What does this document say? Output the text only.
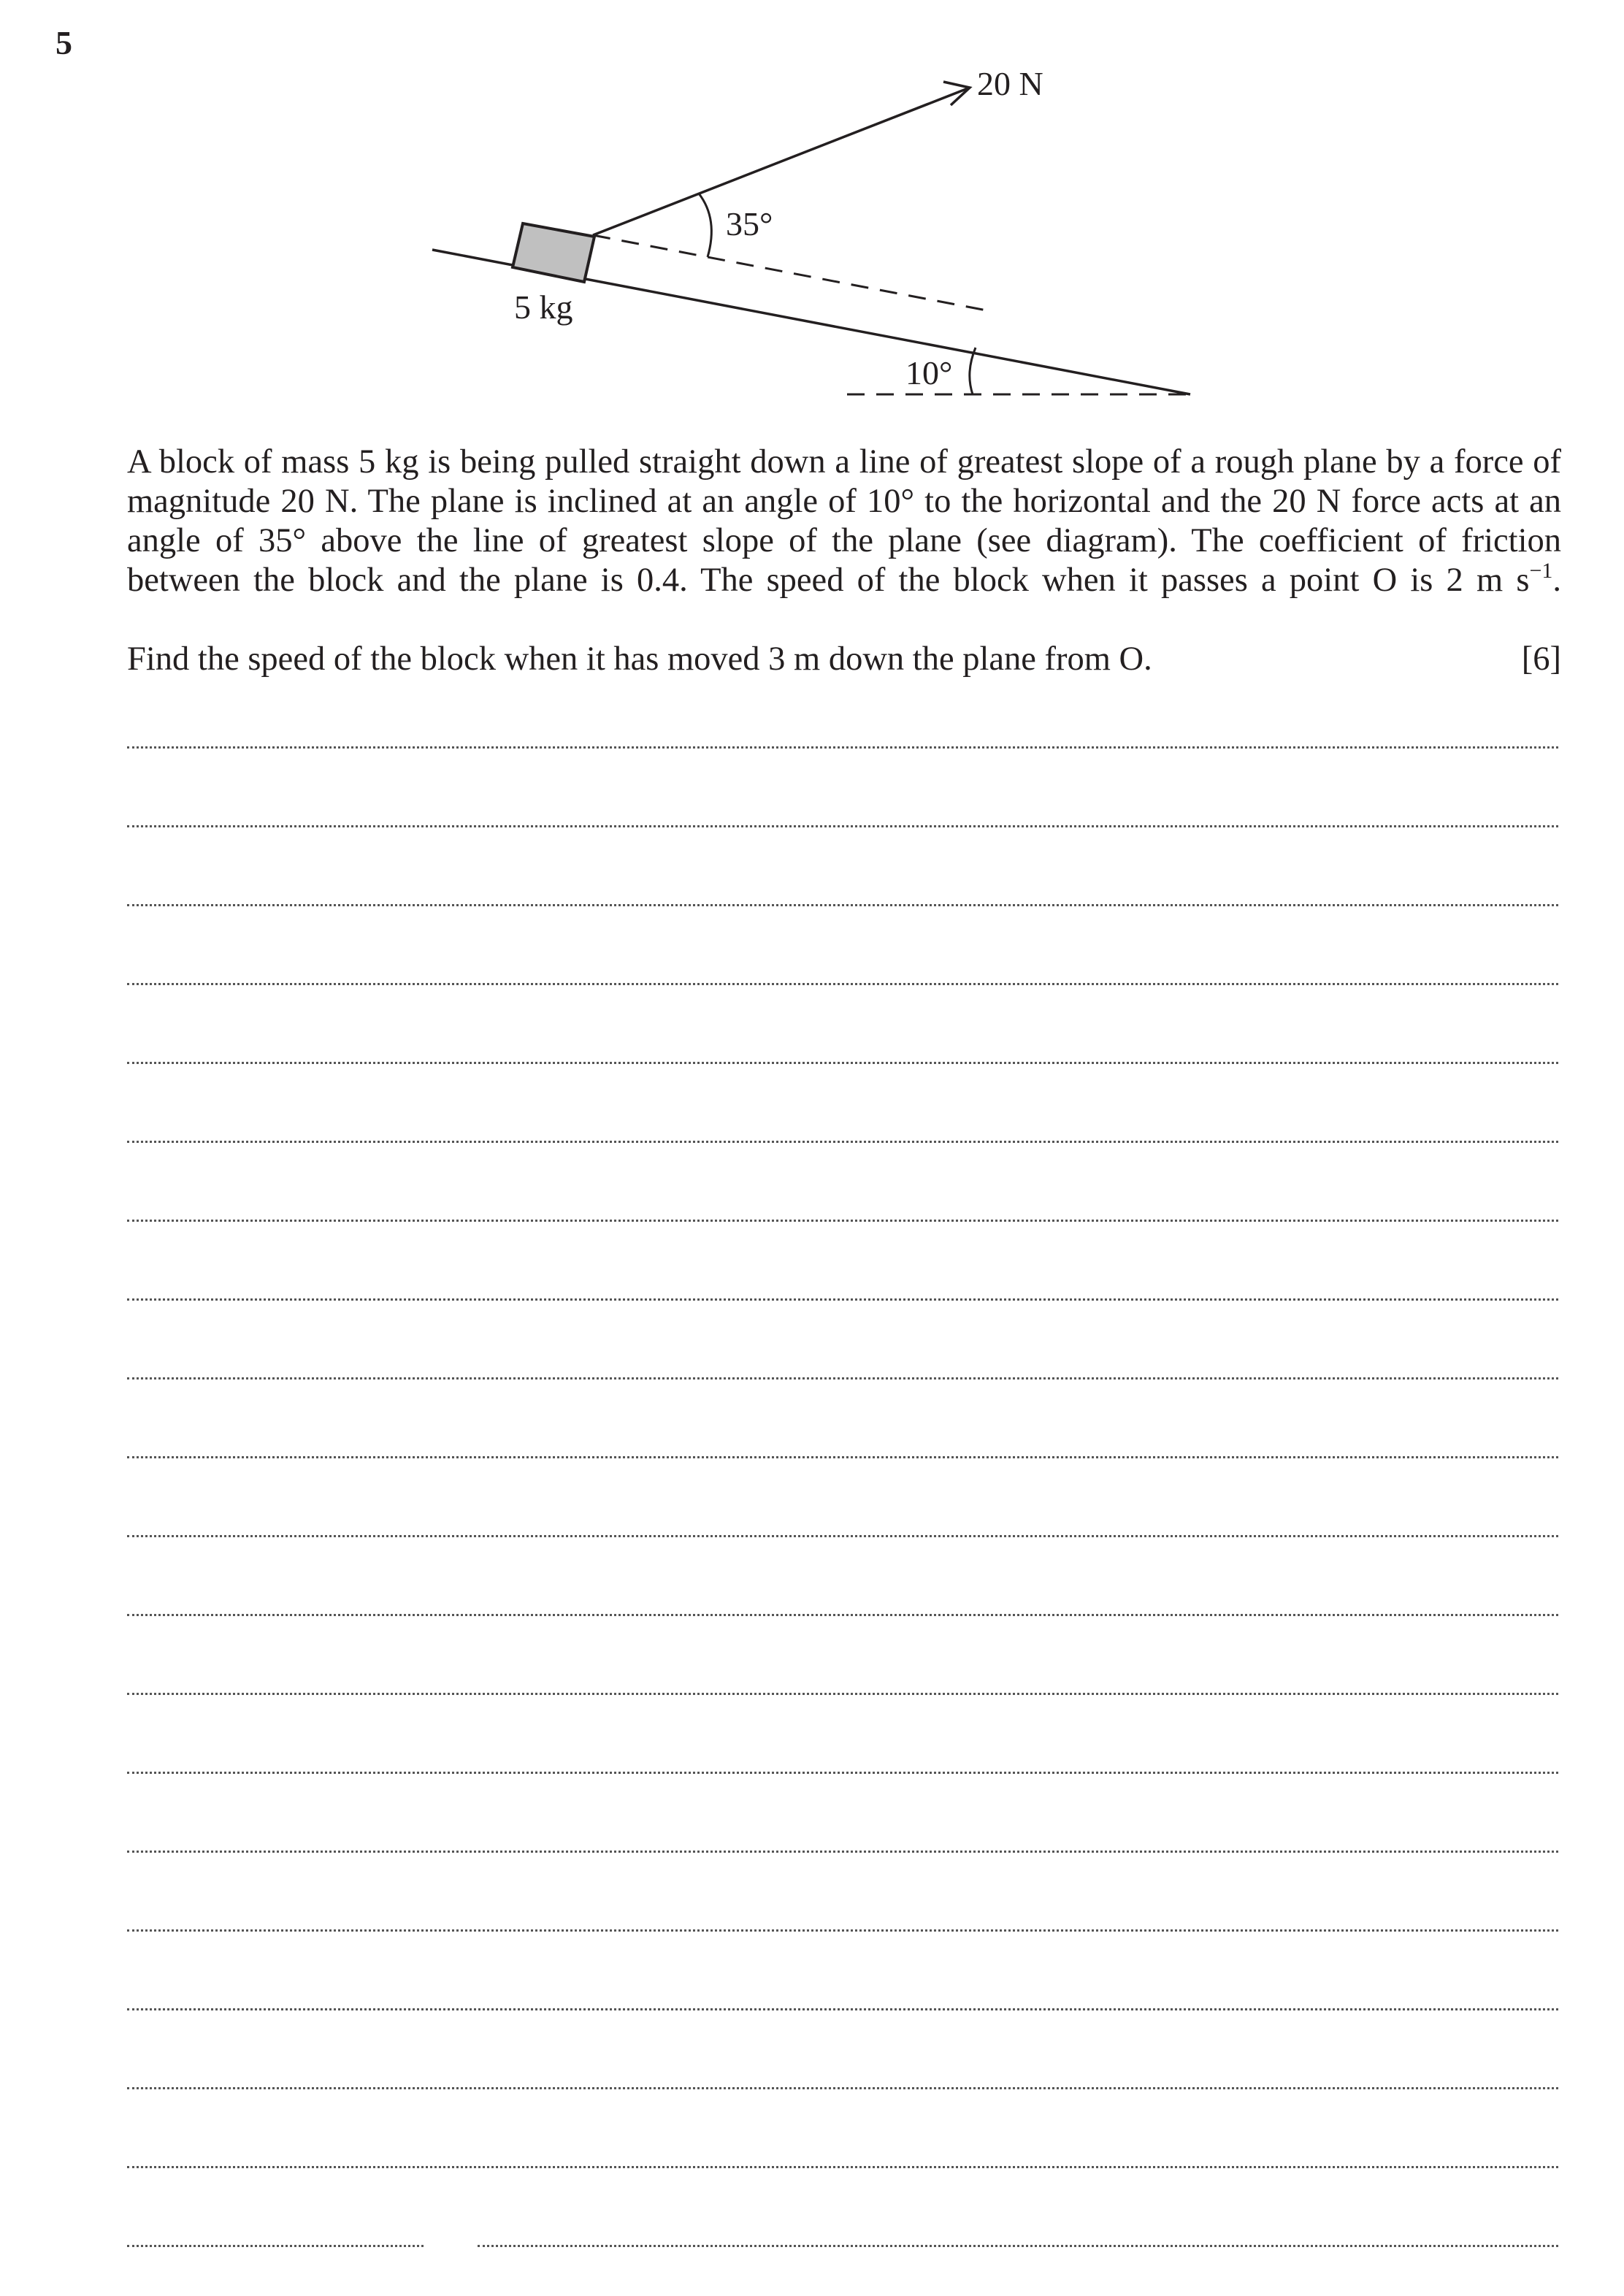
5
20 N
35°
10°
5 kg

A block of mass 5 kg is being pulled straight down a line of greatest slope of a rough plane by a force of magnitude 20 N. The plane is inclined at an angle of 10° to the horizontal and the 20 N force acts at an angle of 35° above the line of greatest slope of the plane (see diagram). The coefficient of friction between the block and the plane is 0.4. The speed of the block when it passes a point O is 2 m $s^{-1}$.

Find the speed of the block when it has moved 3 m down the plane from O.	[6]
